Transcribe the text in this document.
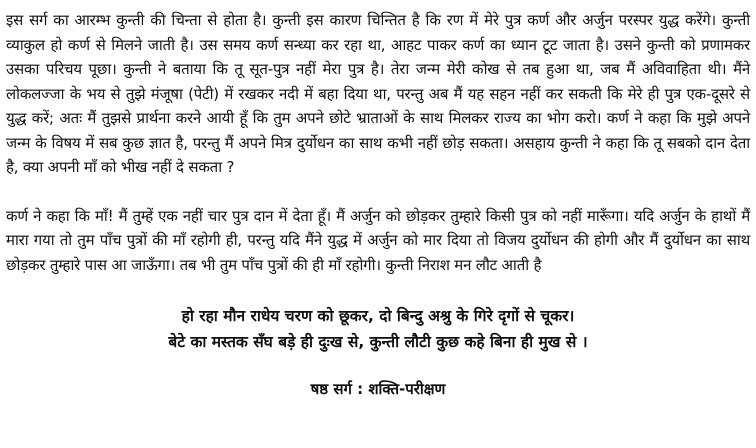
इस सर्ग का आरम्भ कुन्ती की चिन्ता से होता है। कुन्ती इस कारण चिन्तित है कि रण में मेरे पुत्र कर्ण और अर्जुन परस्पर युद्ध करेंगे। कुन्ती व्याकुल हो कर्ण से मिलने जाती है। उस समय कर्ण सन्ध्या कर रहा था, आहट पाकर कर्ण का ध्यान टूट जाता है। उसने कुन्ती को प्रणामकर उसका परिचय पूछा। कुन्ती ने बताया कि तू सूत-पुत्र नहीं मेरा पुत्र है। तेरा जन्म मेरी कोख से तब हुआ था, जब मैं अविवाहिता थी। मैंने लोकलज्जा के भय से तुझे मंजूषा (पेटी) में रखकर नदी में बहा दिया था, परन्तु अब मैं यह सहन नहीं कर सकती कि मेरे ही पुत्र एक-दूसरे से युद्ध करें; अतः मैं तुझसे प्रार्थना करने आयी हूँ कि तुम अपने छोटे भ्राताओं के साथ मिलकर राज्य का भोग करो। कर्ण ने कहा कि मुझे अपने जन्म के विषय में सब कुछ ज्ञात है, परन्तु मैं अपने मित्र दुर्योधन का साथ कभी नहीं छोड़ सकता। असहाय कुन्ती ने कहा कि तू सबको दान देता है, क्या अपनी माँ को भीख नहीं दे सकता ?

कर्ण ने कहा कि माँ! मैं तुम्हें एक नहीं चार पुत्र दान में देता हूँ। मैं अर्जुन को छोड़कर तुम्हारे किसी पुत्र को नहीं मारूँगा। यदि अर्जुन के हाथों मैं मारा गया तो तुम पाँच पुत्रों की माँ रहोगी ही, परन्तु यदि मैंने युद्ध में अर्जुन को मार दिया तो विजय दुर्योधन की होगी और मैं दुर्योधन का साथ छोड़कर तुम्हारे पास आ जाऊँगा। तब भी तुम पाँच पुत्रों की ही माँ रहोगी। कुन्ती निराश मन लौट आती है

हो रहा मौन राधेय चरण को छूकर, दो बिन्दु अश्रु के गिरे दृगों से चूकर।
बेटे का मस्तक सँघ बड़े ही दुःख से, कुन्ती लौटी कुछ कहे बिना ही मुख से ।
षष्ठ सर्ग : शक्ति-परीक्षण
